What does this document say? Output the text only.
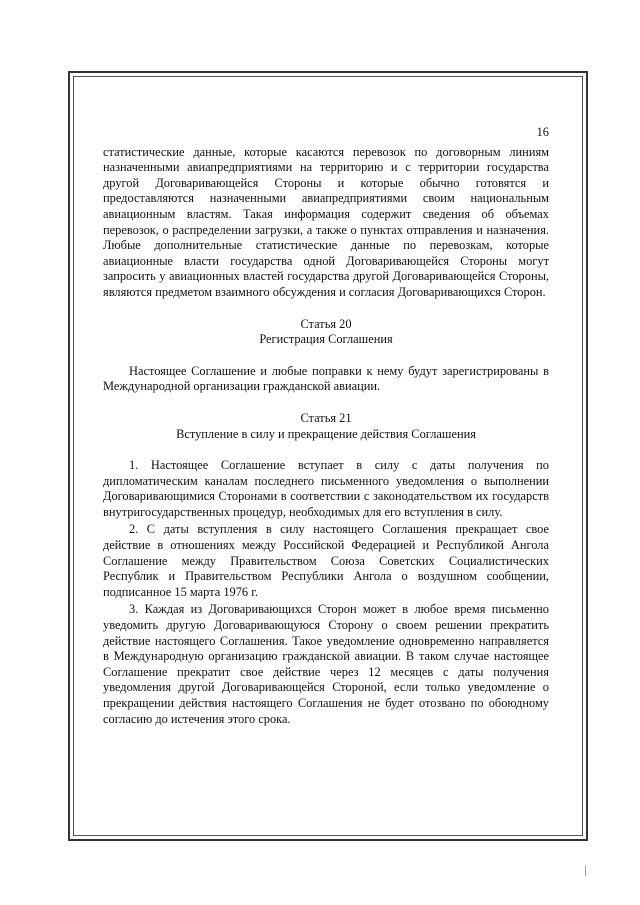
16

статистические данные, которые касаются перевозок по договорным линиям назначенными авиапредприятиями на территорию и с территории государства другой Договаривающейся Стороны и которые обычно готовятся и предоставляются назначенными авиапредприятиями своим национальным авиационным властям. Такая информация содержит сведения об объемах перевозок, о распределении загрузки, а также о пунктах отправления и назначения. Любые дополнительные статистические данные по перевозкам, которые авиационные власти государства одной Договаривающейся Стороны могут запросить у авиационных властей государства другой Договаривающейся Стороны, являются предметом взаимного обсуждения и согласия Договаривающихся Сторон.

Статья 20
Регистрация Соглашения

Настоящее Соглашение и любые поправки к нему будут зарегистрированы в Международной организации гражданской авиации.

Статья 21
Вступление в силу и прекращение действия Соглашения

1. Настоящее Соглашение вступает в силу с даты получения по дипломатическим каналам последнего письменного уведомления о выполнении Договаривающимися Сторонами в соответствии с законодательством их государств внутригосударственных процедур, необходимых для его вступления в силу.

2. С даты вступления в силу настоящего Соглашения прекращает свое действие в отношениях между Российской Федерацией и Республикой Ангола Соглашение между Правительством Союза Советских Социалистических Республик и Правительством Республики Ангола о воздушном сообщении, подписанное 15 марта 1976 г.

3. Каждая из Договаривающихся Сторон может в любое время письменно уведомить другую Договаривающуюся Сторону о своем решении прекратить действие настоящего Соглашения. Такое уведомление одновременно направляется в Международную организацию гражданской авиации. В таком случае настоящее Соглашение прекратит свое действие через 12 месяцев с даты получения уведомления другой Договаривающейся Стороной, если только уведомление о прекращении действия настоящего Соглашения не будет отозвано по обоюдному согласию до истечения этого срока.
